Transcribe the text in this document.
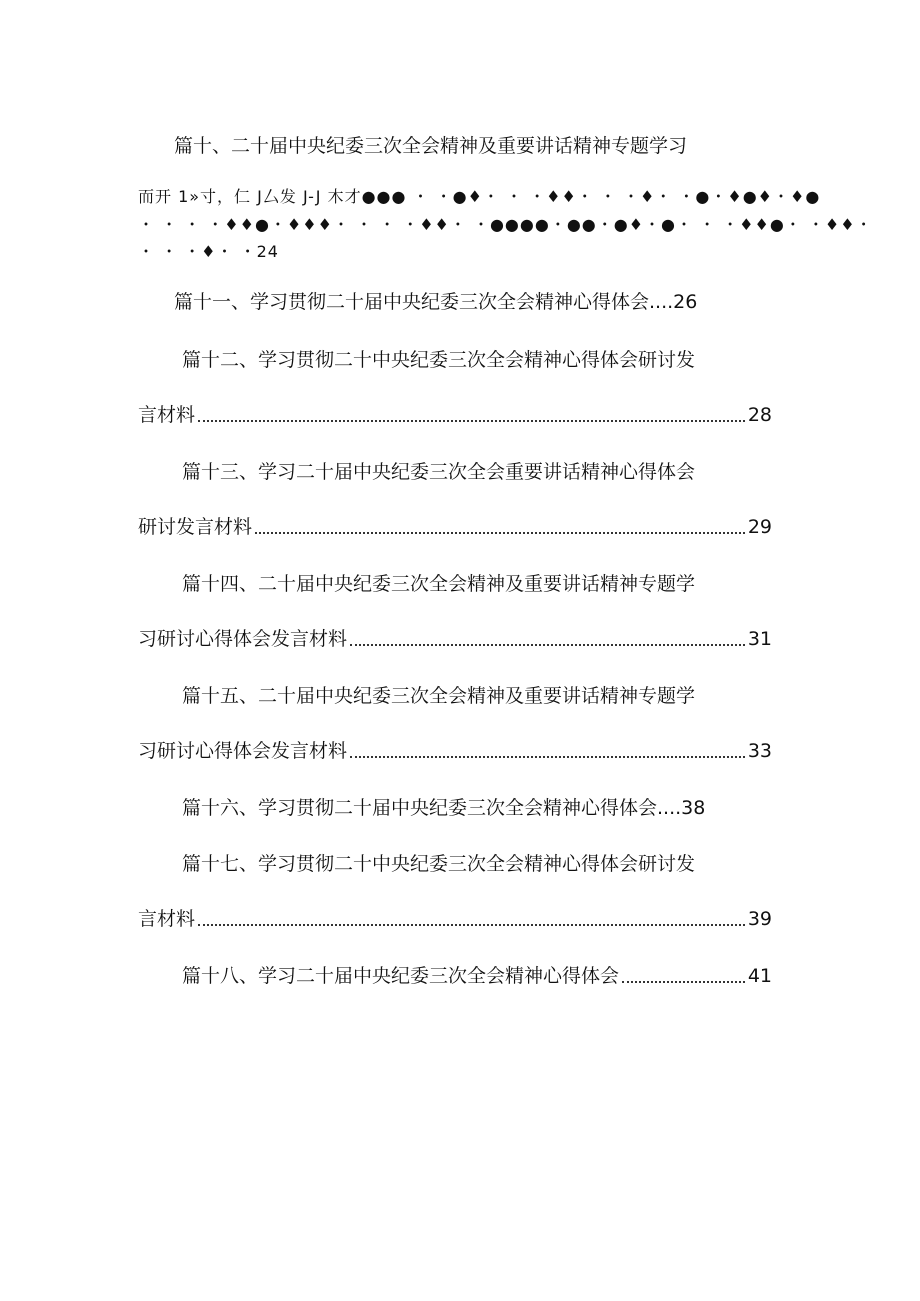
篇十、二十届中央纪委三次全会精神及重要讲话精神专题学习
而开 1»寸，仁 J厶发 J-J 木才●●● ・ ・●♦・ ・ ・♦♦・ ・ ・♦・ ・●・♦●♦・♦●
・ ・ ・ ・♦♦●・♦♦♦・ ・ ・ ・♦♦・ ・●●●●・●●・●♦・●・ ・ ・♦♦●・ ・♦♦・
・ ・ ・♦・ ・24
篇十一、学习贯彻二十届中央纪委三次全会精神心得体会....26
篇十二、学习贯彻二十中央纪委三次全会精神心得体会研讨发
言材料	28
篇十三、学习二十届中央纪委三次全会重要讲话精神心得体会
研讨发言材料	29
篇十四、二十届中央纪委三次全会精神及重要讲话精神专题学
习研讨心得体会发言材料	31
篇十五、二十届中央纪委三次全会精神及重要讲话精神专题学
习研讨心得体会发言材料	33
篇十六、学习贯彻二十届中央纪委三次全会精神心得体会....38
篇十七、学习贯彻二十中央纪委三次全会精神心得体会研讨发
言材料	39
篇十八、学习二十届中央纪委三次全会精神心得体会	41
